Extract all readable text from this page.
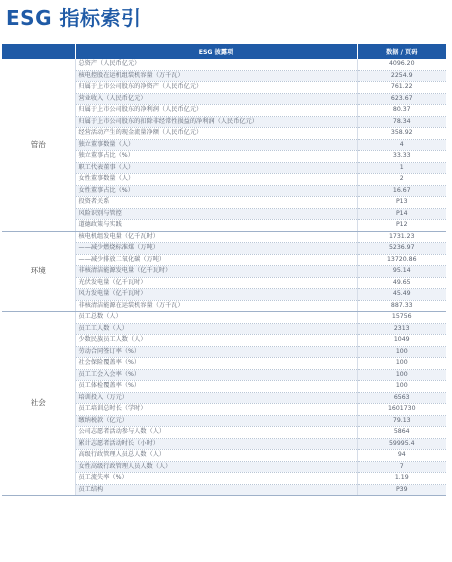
ESG 指标索引
	ESG 披露项	数据 / 页码
管治	总资产（人民币亿元）	4096.20
	核电控股在运机组装机容量（万千瓦）	2254.9
	归属于上市公司股东的净资产（人民币亿元）	761.22
	营业收入（人民币亿元）	623.67
	归属于上市公司股东的净利润（人民币亿元）	80.37
	归属于上市公司股东的扣除非经常性损益的净利润（人民币亿元）	78.34
	经营活动产生的现金流量净额（人民币亿元）	358.92
	独立董事数量（人）	4
	独立董事占比（%）	33.33
	职工代表董事（人）	1
	女性董事数量（人）	2
	女性董事占比（%）	16.67
	投资者关系	P13
	风险识别与管控	P14
	道德政策与实践	P12
环境	核电机组发电量（亿千瓦时）	1731.23
	——减少燃烧标准煤（万吨）	5236.97
	——减少排放二氧化碳（万吨）	13720.86
	非核清洁能源发电量（亿千瓦时）	95.14
	光伏发电量（亿千瓦时）	49.65
	风力发电量（亿千瓦时）	45.49
	非核清洁能源在运装机容量（万千瓦）	887.33
社会	员工总数（人）	15756
	员工工人数（人）	2313
	少数民族员工人数（人）	1049
	劳动合同签订率（%）	100
	社会保险覆盖率（%）	100
	员工工会入会率（%）	100
	员工体检覆盖率（%）	100
	培训投入（万元）	6563
	员工培训总时长（学时）	1601730
	缴纳税款（亿元）	79.13
	公司志愿者活动参与人数（人）	5864
	累计志愿者活动时长（小时）	59995.4
	高级行政管理人员总人数（人）	94
	女性高级行政管理人员人数（人）	7
	员工流失率（%）	1.19
	员工结构	P39
